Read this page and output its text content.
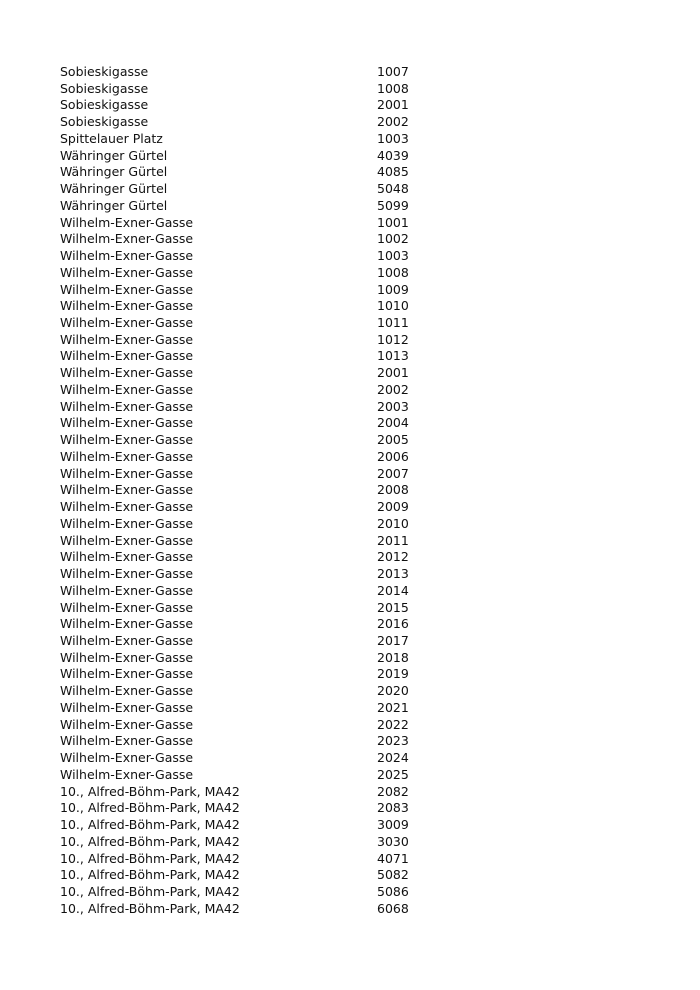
Sobieskigasse	1007
Sobieskigasse	1008
Sobieskigasse	2001
Sobieskigasse	2002
Spittelauer Platz	1003
Währinger Gürtel	4039
Währinger Gürtel	4085
Währinger Gürtel	5048
Währinger Gürtel	5099
Wilhelm-Exner-Gasse	1001
Wilhelm-Exner-Gasse	1002
Wilhelm-Exner-Gasse	1003
Wilhelm-Exner-Gasse	1008
Wilhelm-Exner-Gasse	1009
Wilhelm-Exner-Gasse	1010
Wilhelm-Exner-Gasse	1011
Wilhelm-Exner-Gasse	1012
Wilhelm-Exner-Gasse	1013
Wilhelm-Exner-Gasse	2001
Wilhelm-Exner-Gasse	2002
Wilhelm-Exner-Gasse	2003
Wilhelm-Exner-Gasse	2004
Wilhelm-Exner-Gasse	2005
Wilhelm-Exner-Gasse	2006
Wilhelm-Exner-Gasse	2007
Wilhelm-Exner-Gasse	2008
Wilhelm-Exner-Gasse	2009
Wilhelm-Exner-Gasse	2010
Wilhelm-Exner-Gasse	2011
Wilhelm-Exner-Gasse	2012
Wilhelm-Exner-Gasse	2013
Wilhelm-Exner-Gasse	2014
Wilhelm-Exner-Gasse	2015
Wilhelm-Exner-Gasse	2016
Wilhelm-Exner-Gasse	2017
Wilhelm-Exner-Gasse	2018
Wilhelm-Exner-Gasse	2019
Wilhelm-Exner-Gasse	2020
Wilhelm-Exner-Gasse	2021
Wilhelm-Exner-Gasse	2022
Wilhelm-Exner-Gasse	2023
Wilhelm-Exner-Gasse	2024
Wilhelm-Exner-Gasse	2025
10., Alfred-Böhm-Park, MA42	2082
10., Alfred-Böhm-Park, MA42	2083
10., Alfred-Böhm-Park, MA42	3009
10., Alfred-Böhm-Park, MA42	3030
10., Alfred-Böhm-Park, MA42	4071
10., Alfred-Böhm-Park, MA42	5082
10., Alfred-Böhm-Park, MA42	5086
10., Alfred-Böhm-Park, MA42	6068
